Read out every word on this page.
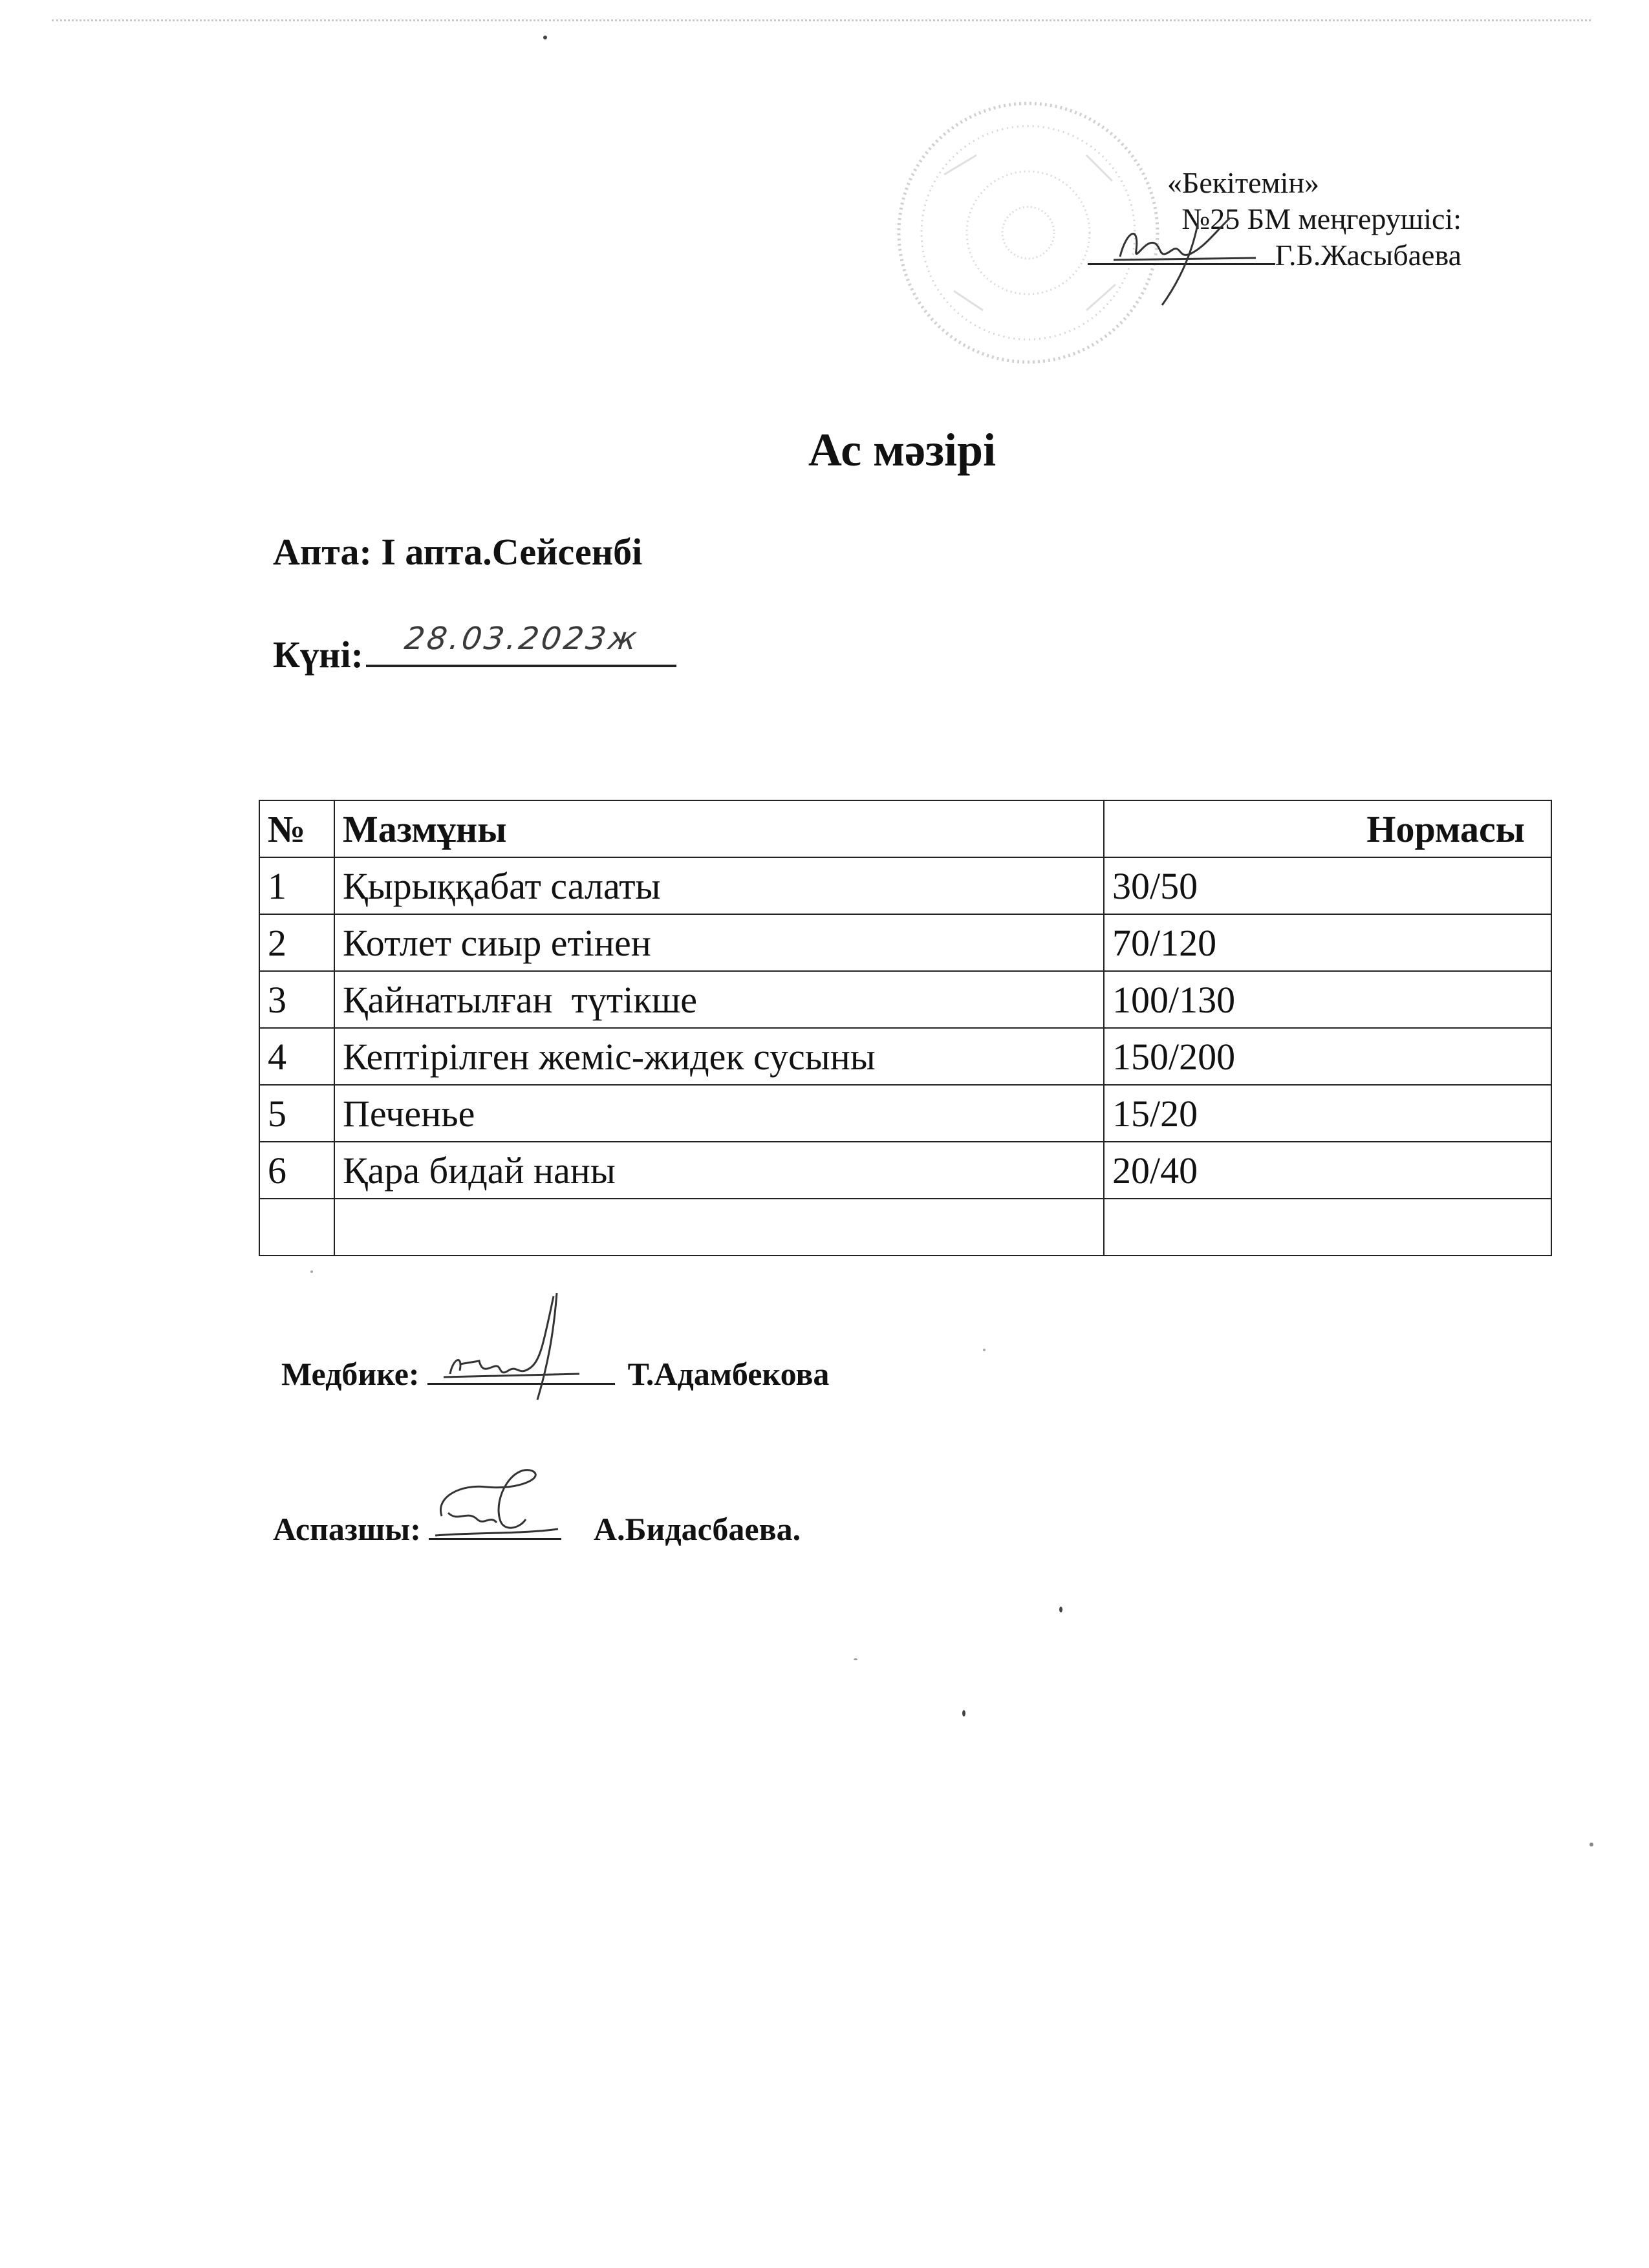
«Бекітемін»
№25 БМ меңгерушісі:
Г.Б.Жасыбаева
Ас мәзірі
Апта: І апта.Сейсенбі
Күні: 28.03.2023ж
№	Мазмұны	Нормасы
1	Қырыққабат салаты	30/50
2	Котлет сиыр етінен	70/120
3	Қайнатылған  түтікше	100/130
4	Кептірілген жеміс-жидек сусыны	150/200
5	Печенье	15/20
6	Қара бидай наны	20/40

Медбике:	Т.Адамбекова
Аспазшы:	А.Бидасбаева.
